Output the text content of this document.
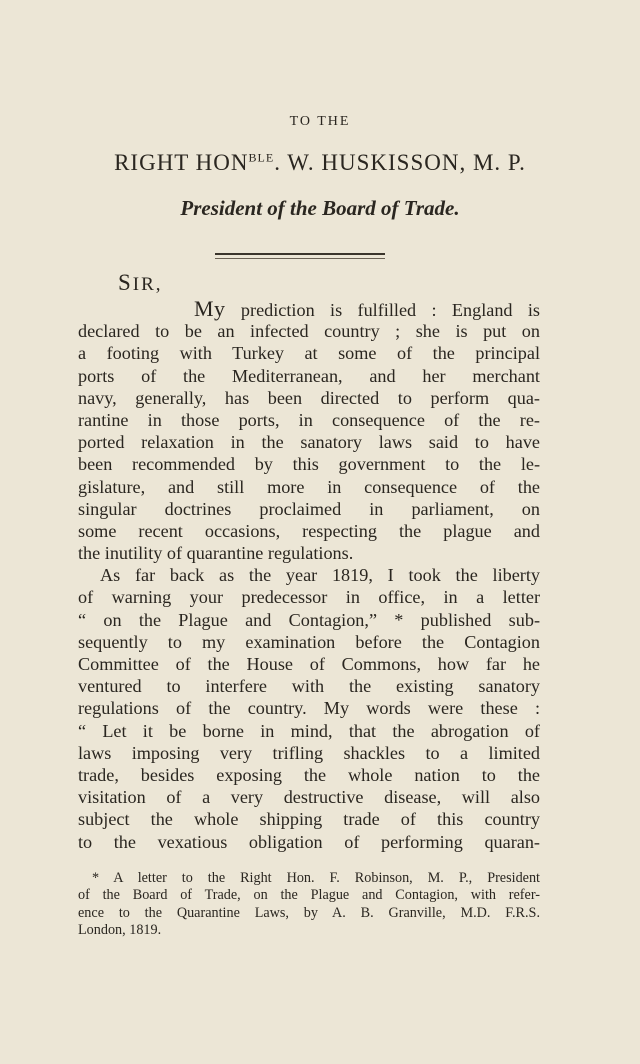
TO THE
RIGHT $HON^{BLE}$. W. HUSKISSON, M. P.
President of the Board of Trade.
SIR,
My prediction is fulfilled : England is
declared to be an infected country ; she is put on
a footing with Turkey at some of the principal
ports of the Mediterranean, and her merchant
navy, generally, has been directed to perform qua-
rantine in those ports, in consequence of the re-
ported relaxation in the sanatory laws said to have
been recommended by this government to the le-
gislature, and still more in consequence of the
singular doctrines proclaimed in parliament, on
some recent occasions, respecting the plague and
the inutility of quarantine regulations.
As far back as the year 1819, I took the liberty
of warning your predecessor in office, in a letter
“ on the Plague and Contagion,” * published sub-
sequently to my examination before the Contagion
Committee of the House of Commons, how far he
ventured to interfere with the existing sanatory
regulations of the country. My words were these :
“ Let it be borne in mind, that the abrogation of
laws imposing very trifling shackles to a limited
trade, besides exposing the whole nation to the
visitation of a very destructive disease, will also
subject the whole shipping trade of this country
to the vexatious obligation of performing quaran-
* A letter to the Right Hon. F. Robinson, M. P., President
of the Board of Trade, on the Plague and Contagion, with refer-
ence to the Quarantine Laws, by A. B. Granville, M.D. F.R.S.
London, 1819.
